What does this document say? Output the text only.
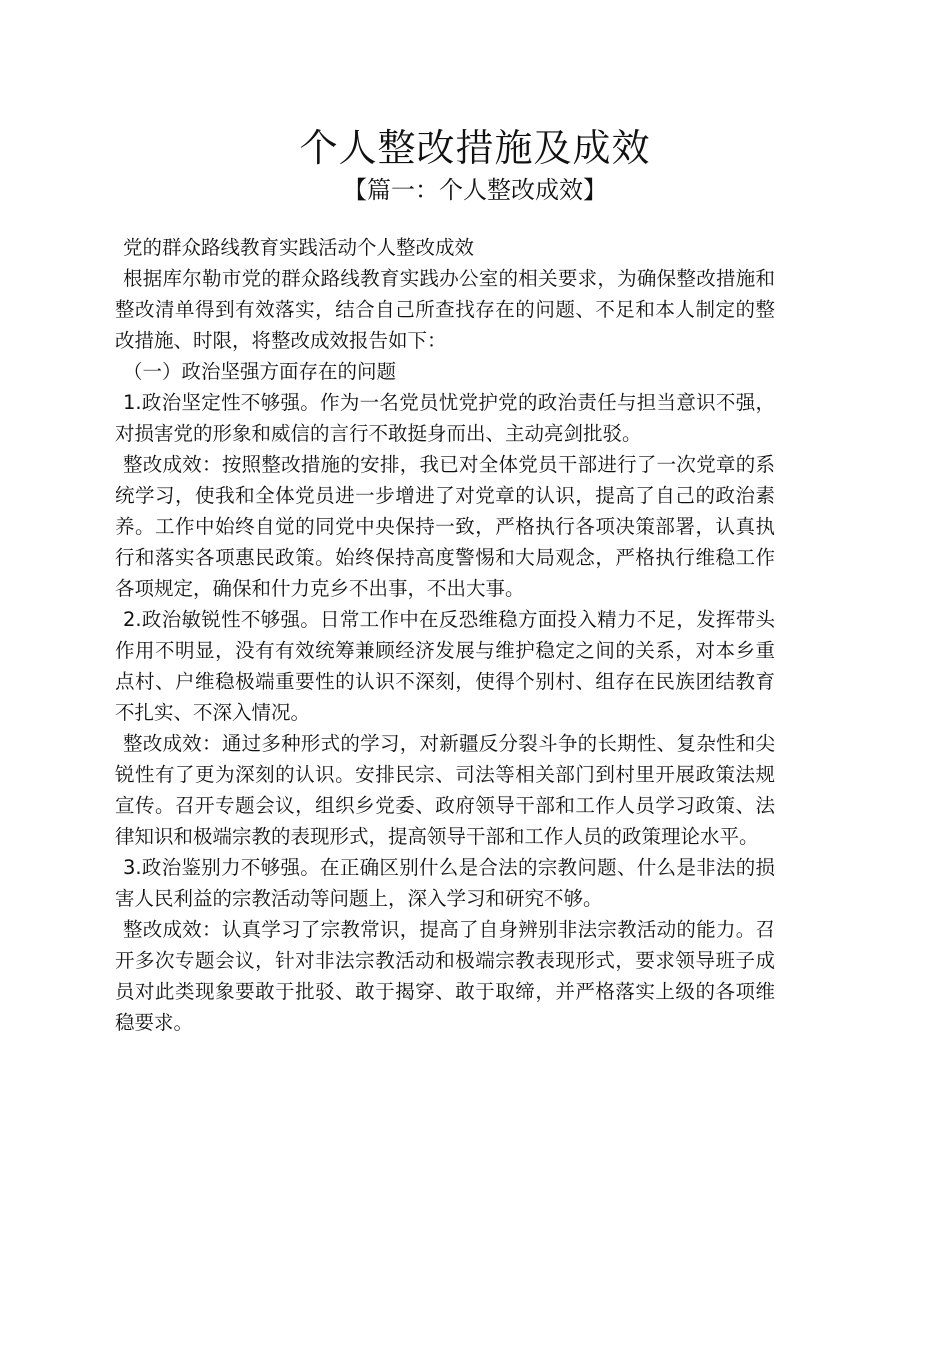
个人整改措施及成效
【篇一：个人整改成效】

党的群众路线教育实践活动个人整改成效

根据库尔勒市党的群众路线教育实践办公室的相关要求，为确保整改措施和整改清单得到有效落实，结合自己所查找存在的问题、不足和本人制定的整改措施、时限，将整改成效报告如下：

（一）政治坚强方面存在的问题

1.政治坚定性不够强。作为一名党员忧党护党的政治责任与担当意识不强，对损害党的形象和威信的言行不敢挺身而出、主动亮剑批驳。

整改成效：按照整改措施的安排，我已对全体党员干部进行了一次党章的系统学习，使我和全体党员进一步增进了对党章的认识，提高了自己的政治素养。工作中始终自觉的同党中央保持一致，严格执行各项决策部署，认真执行和落实各项惠民政策。始终保持高度警惕和大局观念，严格执行维稳工作各项规定，确保和什力克乡不出事，不出大事。

2.政治敏锐性不够强。日常工作中在反恐维稳方面投入精力不足，发挥带头作用不明显，没有有效统筹兼顾经济发展与维护稳定之间的关系，对本乡重点村、户维稳极端重要性的认识不深刻，使得个别村、组存在民族团结教育不扎实、不深入情况。

整改成效：通过多种形式的学习，对新疆反分裂斗争的长期性、复杂性和尖锐性有了更为深刻的认识。安排民宗、司法等相关部门到村里开展政策法规宣传。召开专题会议，组织乡党委、政府领导干部和工作人员学习政策、法律知识和极端宗教的表现形式，提高领导干部和工作人员的政策理论水平。

3.政治鉴别力不够强。在正确区别什么是合法的宗教问题、什么是非法的损害人民利益的宗教活动等问题上，深入学习和研究不够。

整改成效：认真学习了宗教常识，提高了自身辨别非法宗教活动的能力。召开多次专题会议，针对非法宗教活动和极端宗教表现形式，要求领导班子成员对此类现象要敢于批驳、敢于揭穿、敢于取缔，并严格落实上级的各项维稳要求。
